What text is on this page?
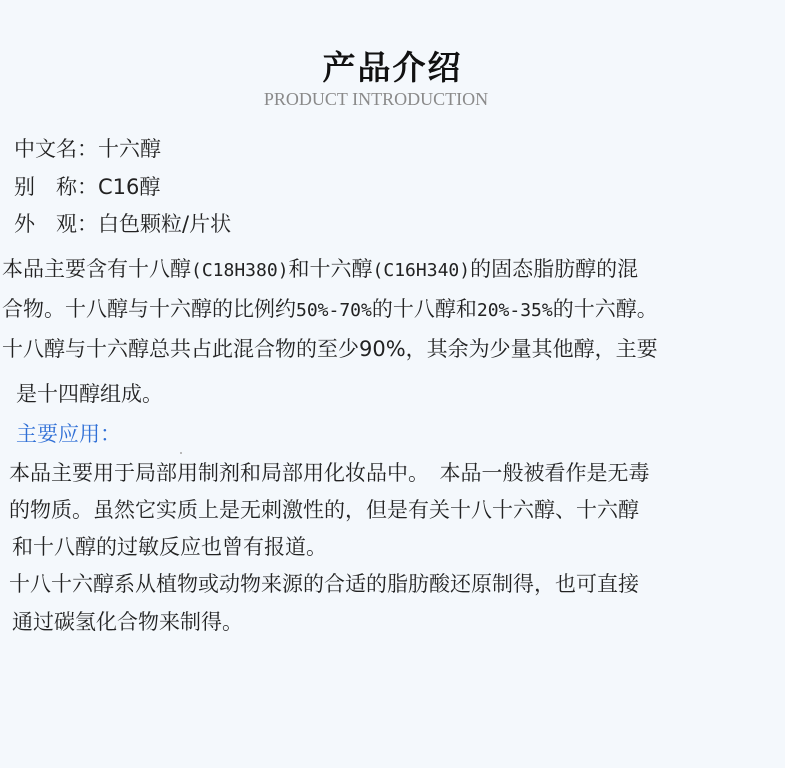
产品介绍
PRODUCT INTRODUCTION
中文名：十六醇
别　称：C16醇
外　观：白色颗粒/片状
本品主要含有十八醇(C18H380)和十六醇(C16H340)的固态脂肪醇的混
合物。十八醇与十六醇的比例约50%-70%的十八醇和20%-35%的十六醇。
十八醇与十六醇总共占此混合物的至少90%，其余为少量其他醇，主要
是十四醇组成。
主要应用：
本品主要用于局部用制剂和局部用化妆品中。　本品一般被看作是无毒
的物质。虽然它实质上是无刺激性的，但是有关十八十六醇、十六醇
和十八醇的过敏反应也曾有报道。
十八十六醇系从植物或动物来源的合适的脂肪酸还原制得，也可直接
通过碳氢化合物来制得。
